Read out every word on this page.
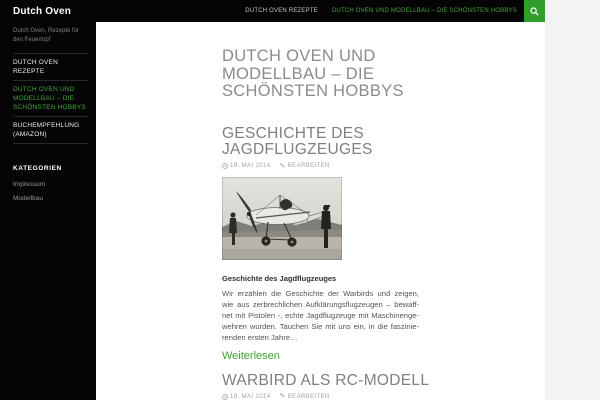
Dutch Oven	DUTCH OVEN REZEPTE	DUTCH OVEN UND MODELLBAU – DIE SCHÖNSTEN HOBBYS
Dutch Oven, Rezepte für den Feuertopf
DUTCH OVEN REZEPTE
DUTCH OVEN UND MODELLBAU – DIE SCHÖNSTEN HOBBYS
BUCHEMPFEHLUNG (AMAZON)
KATEGORIEN
Impressum
Modellbau
DUTCH OVEN UND MODELLBAU – DIE SCHÖNSTEN HOBBYS
GESCHICHTE DES JAGDFLUGZEUGES
19. MAI 2014 ✎ BEARBEITEN

Geschichte des Jagdflugzeuges

Wir erzählen die Geschichte der Warbirds und zeigen,
wie aus zerbrechlichen Aufklärungsflugzeugen – bewaff-
net mit Pistolen -, echte Jagdflugzeuge mit Maschinenge-
wehren wurden. Tauchen Sie mit uns ein, in die faszinie-
renden ersten Jahre…
Weiterlesen
WARBIRD ALS RC-MODELL
19. MAI 2014 ✎ BEARBEITEN
